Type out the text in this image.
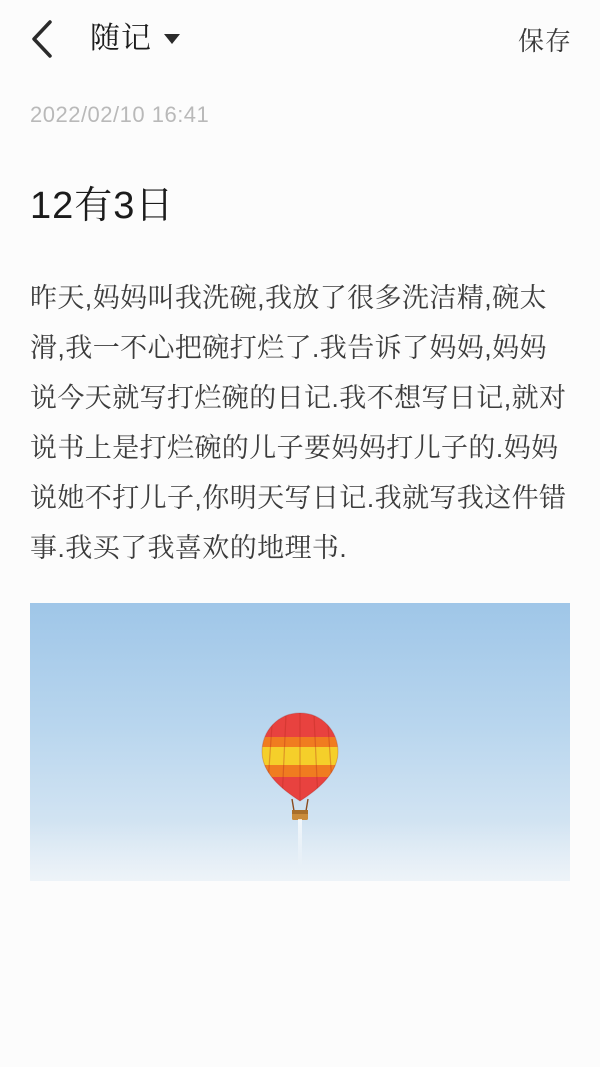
随记	保存
2022/02/10 16:41
12有3日
昨天,妈妈叫我洗碗,我放了很多洗洁精,碗太滑,我一不心把碗打烂了.我告诉了妈妈,妈妈说今天就写打烂碗的日记.我不想写日记,就对说书上是打烂碗的儿子要妈妈打儿子的.妈妈说她不打儿子,你明天写日记.我就写我这件错事.我买了我喜欢的地理书.
